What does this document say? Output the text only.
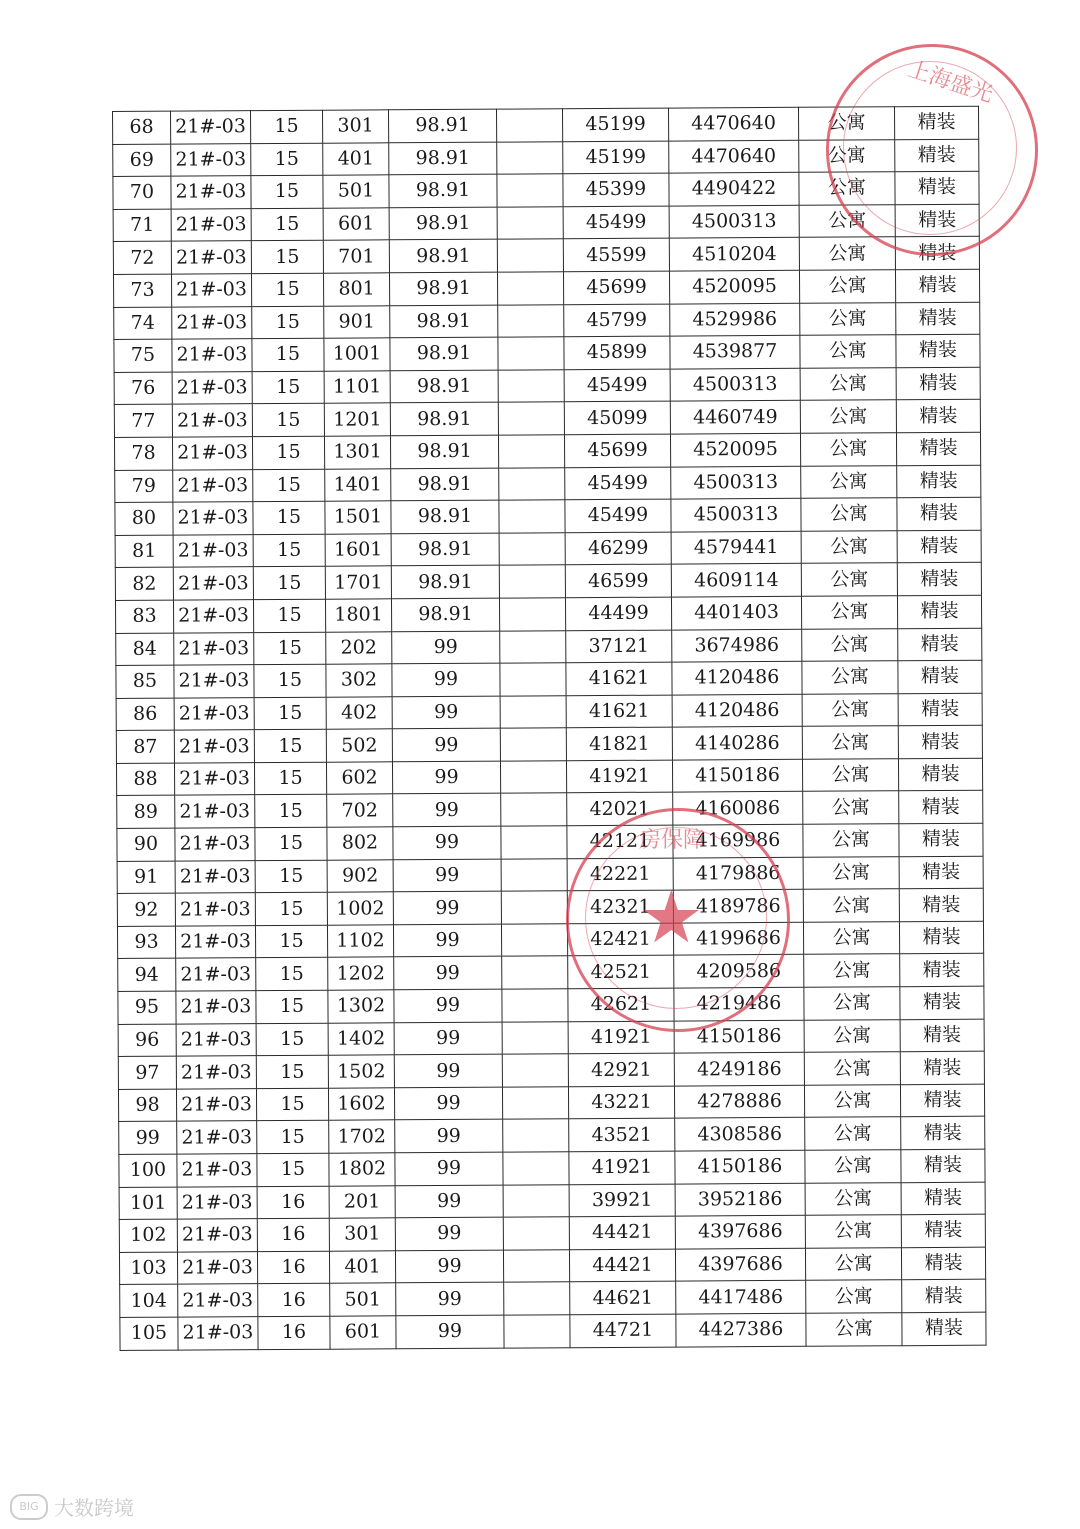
68	21#-03	15	301	98.91		45199	4470640	公寓	精装
69	21#-03	15	401	98.91		45199	4470640	公寓	精装
70	21#-03	15	501	98.91		45399	4490422	公寓	精装
71	21#-03	15	601	98.91		45499	4500313	公寓	精装
72	21#-03	15	701	98.91		45599	4510204	公寓	精装
73	21#-03	15	801	98.91		45699	4520095	公寓	精装
74	21#-03	15	901	98.91		45799	4529986	公寓	精装
75	21#-03	15	1001	98.91		45899	4539877	公寓	精装
76	21#-03	15	1101	98.91		45499	4500313	公寓	精装
77	21#-03	15	1201	98.91		45099	4460749	公寓	精装
78	21#-03	15	1301	98.91		45699	4520095	公寓	精装
79	21#-03	15	1401	98.91		45499	4500313	公寓	精装
80	21#-03	15	1501	98.91		45499	4500313	公寓	精装
81	21#-03	15	1601	98.91		46299	4579441	公寓	精装
82	21#-03	15	1701	98.91		46599	4609114	公寓	精装
83	21#-03	15	1801	98.91		44499	4401403	公寓	精装
84	21#-03	15	202	99		37121	3674986	公寓	精装
85	21#-03	15	302	99		41621	4120486	公寓	精装
86	21#-03	15	402	99		41621	4120486	公寓	精装
87	21#-03	15	502	99		41821	4140286	公寓	精装
88	21#-03	15	602	99		41921	4150186	公寓	精装
89	21#-03	15	702	99		42021	4160086	公寓	精装
90	21#-03	15	802	99		42121	4169986	公寓	精装
91	21#-03	15	902	99		42221	4179886	公寓	精装
92	21#-03	15	1002	99		42321	4189786	公寓	精装
93	21#-03	15	1102	99		42421	4199686	公寓	精装
94	21#-03	15	1202	99		42521	4209586	公寓	精装
95	21#-03	15	1302	99		42621	4219486	公寓	精装
96	21#-03	15	1402	99		41921	4150186	公寓	精装
97	21#-03	15	1502	99		42921	4249186	公寓	精装
98	21#-03	15	1602	99		43221	4278886	公寓	精装
99	21#-03	15	1702	99		43521	4308586	公寓	精装
100	21#-03	15	1802	99		41921	4150186	公寓	精装
101	21#-03	16	201	99		39921	3952186	公寓	精装
102	21#-03	16	301	99		44421	4397686	公寓	精装
103	21#-03	16	401	99		44421	4397686	公寓	精装
104	21#-03	16	501	99		44621	4417486	公寓	精装
105	21#-03	16	601	99		44721	4427386	公寓	精装
上海盛光
房保障
★
BIG 大数跨境
